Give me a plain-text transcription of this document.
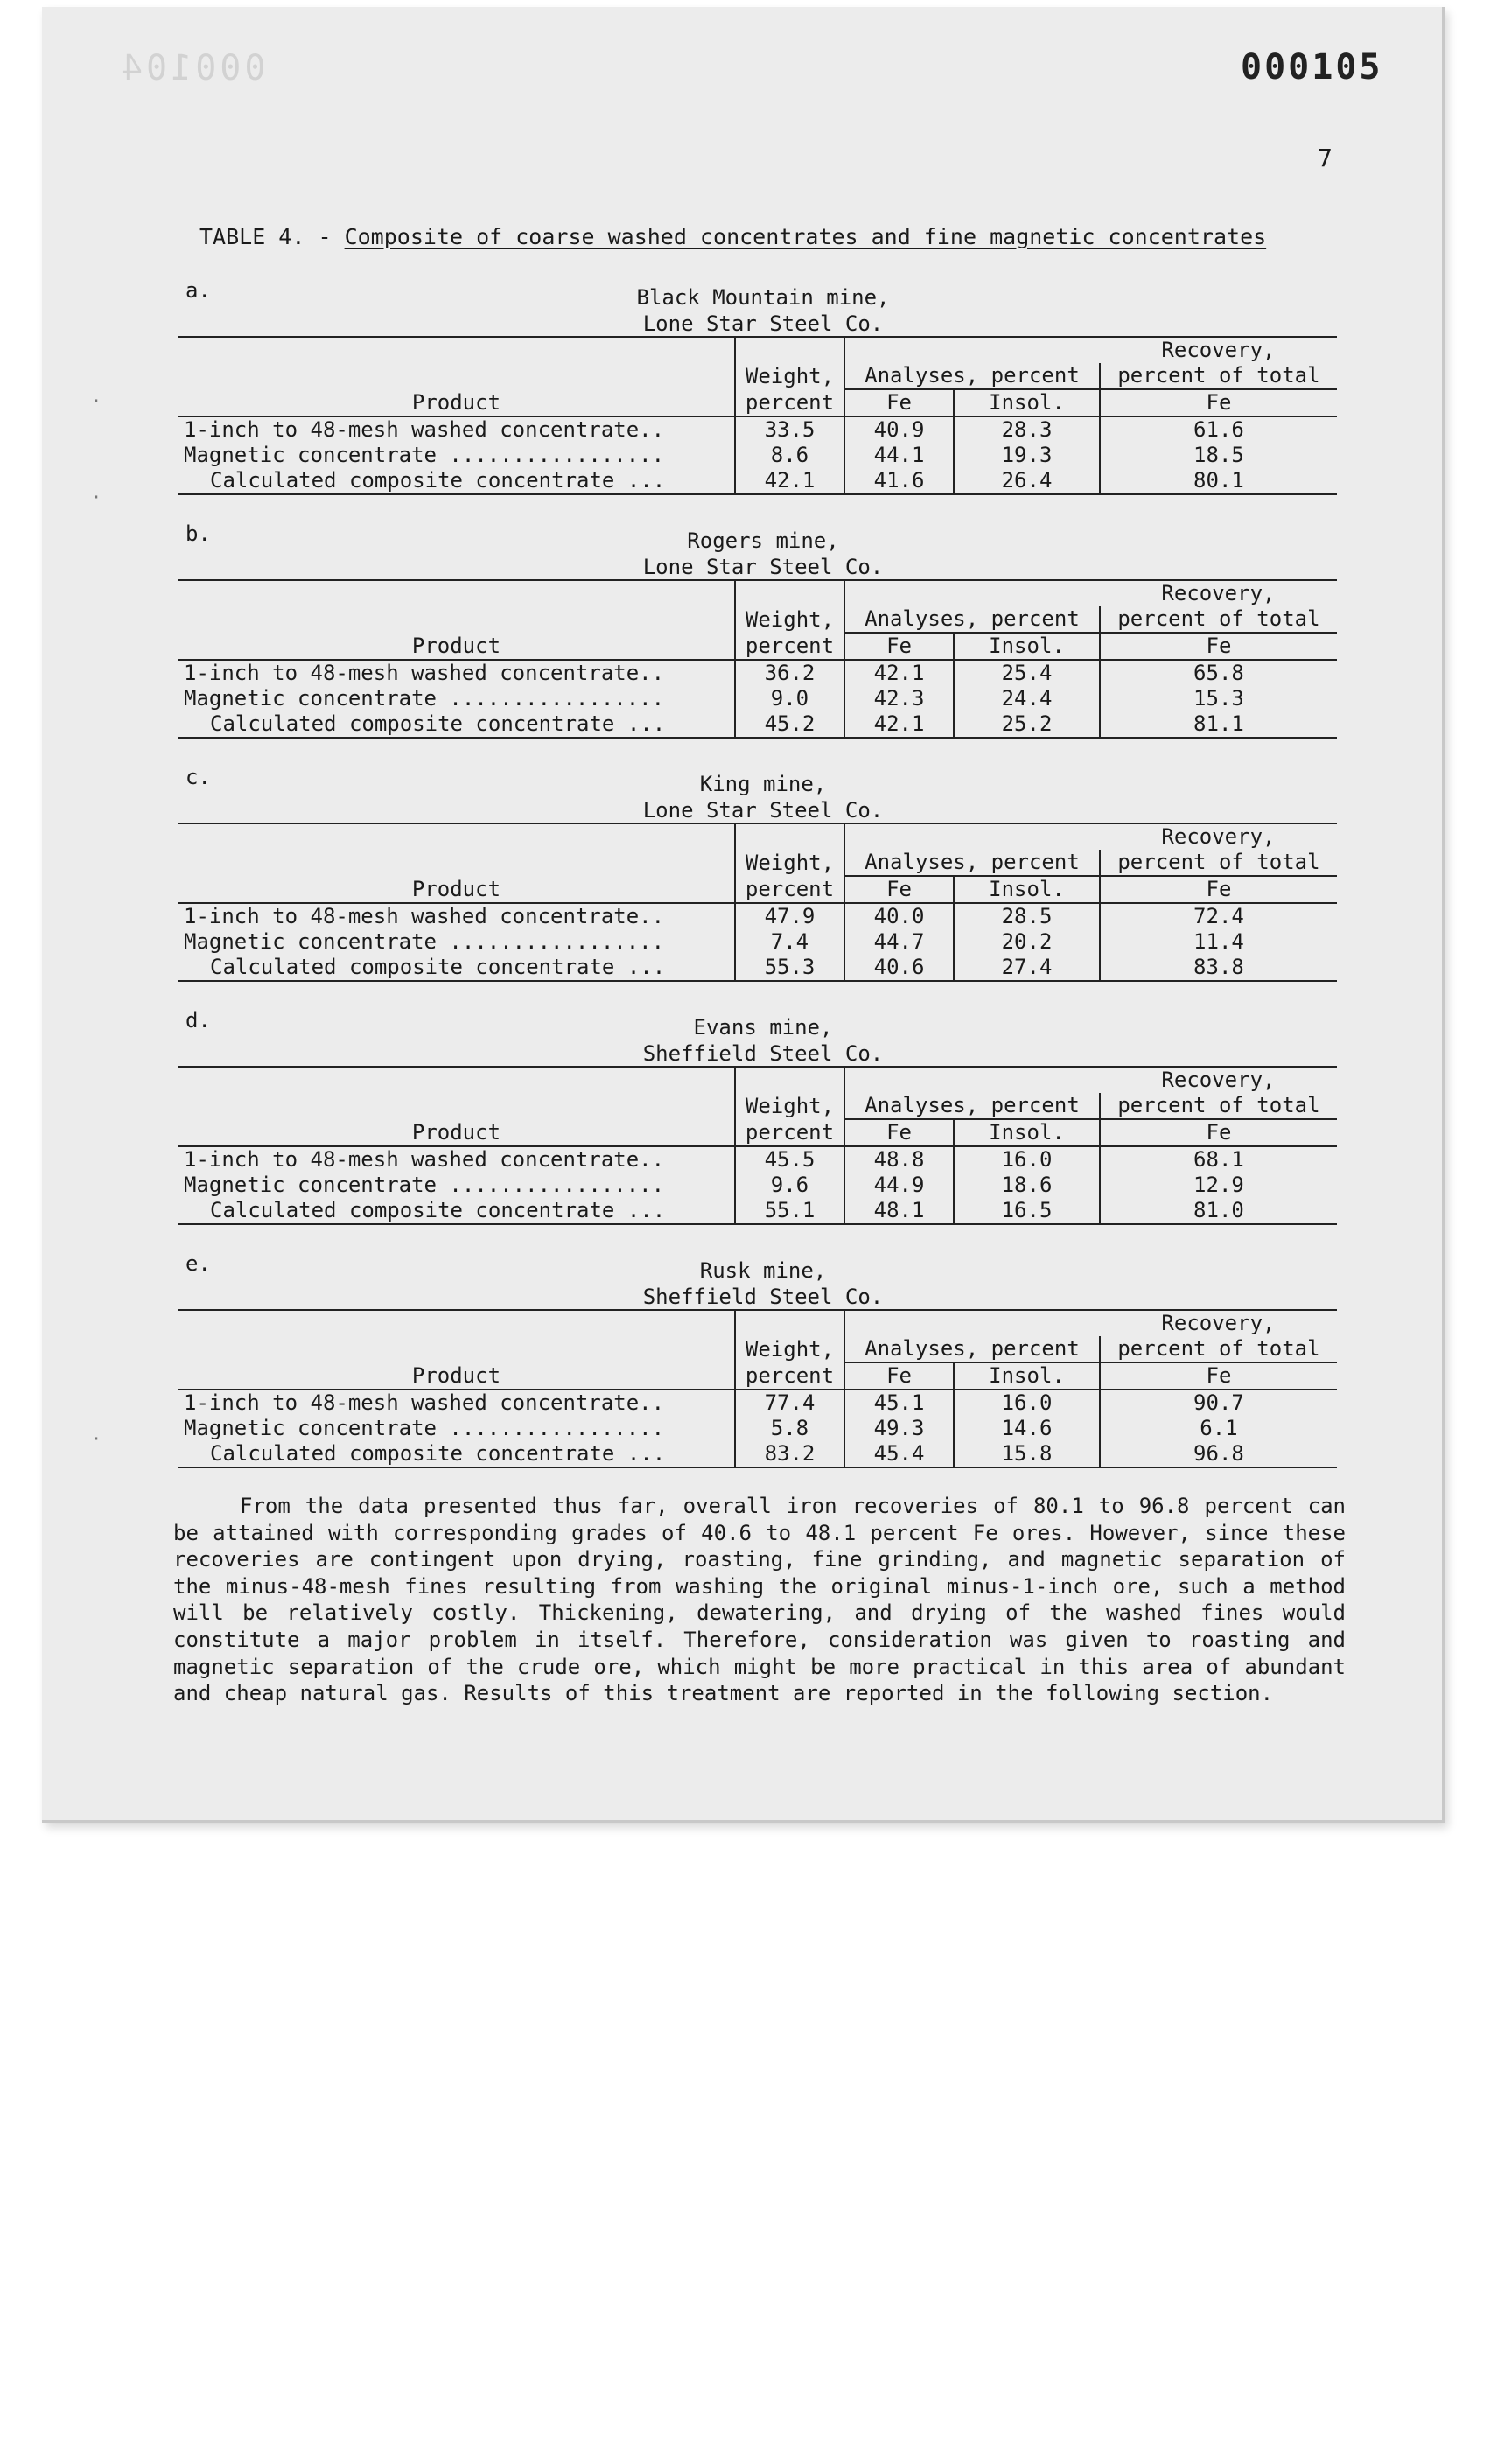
000104	000105
7
TABLE 4. - Composite of coarse washed concentrates and fine magnetic concentrates
a.	Black Mountain mine,
Lone Star Steel Co.
				Recovery,
	Weight,	Analyses, percent		percent of total
Product	percent	Fe	Insol.	Fe
1-inch to 48-mesh washed concentrate..	33.5	40.9	28.3	61.6
Magnetic concentrate .................	8.6	44.1	19.3	18.5
Calculated composite concentrate ...	42.1	41.6	26.4	80.1
b.	Rogers mine,
Lone Star Steel Co.
				Recovery,
	Weight,	Analyses, percent		percent of total
Product	percent	Fe	Insol.	Fe
1-inch to 48-mesh washed concentrate..	36.2	42.1	25.4	65.8
Magnetic concentrate .................	9.0	42.3	24.4	15.3
Calculated composite concentrate ...	45.2	42.1	25.2	81.1
c.	King mine,
Lone Star Steel Co.
				Recovery,
	Weight,	Analyses, percent		percent of total
Product	percent	Fe	Insol.	Fe
1-inch to 48-mesh washed concentrate..	47.9	40.0	28.5	72.4
Magnetic concentrate .................	7.4	44.7	20.2	11.4
Calculated composite concentrate ...	55.3	40.6	27.4	83.8
d.	Evans mine,
Sheffield Steel Co.
				Recovery,
	Weight,	Analyses, percent		percent of total
Product	percent	Fe	Insol.	Fe
1-inch to 48-mesh washed concentrate..	45.5	48.8	16.0	68.1
Magnetic concentrate .................	9.6	44.9	18.6	12.9
Calculated composite concentrate ...	55.1	48.1	16.5	81.0
e.	Rusk mine,
Sheffield Steel Co.
				Recovery,
	Weight,	Analyses, percent		percent of total
Product	percent	Fe	Insol.	Fe
1-inch to 48-mesh washed concentrate..	77.4	45.1	16.0	90.7
Magnetic concentrate .................	5.8	49.3	14.6	6.1
Calculated composite concentrate ...	83.2	45.4	15.8	96.8

From the data presented thus far, overall iron recoveries of 80.1 to 96.8 percent can be attained with corresponding grades of 40.6 to 48.1 percent Fe ores. However, since these recoveries are contingent upon drying, roasting, fine grinding, and magnetic separation of the minus-48-mesh fines resulting from washing the original minus-1-inch ore, such a method will be relatively costly. Thickening, dewatering, and drying of the washed fines would constitute a major problem in itself. Therefore, consideration was given to roasting and magnetic separation of the crude ore, which might be more practical in this area of abundant and cheap natural gas. Results of this treatment are reported in the following section.

·
·
·
